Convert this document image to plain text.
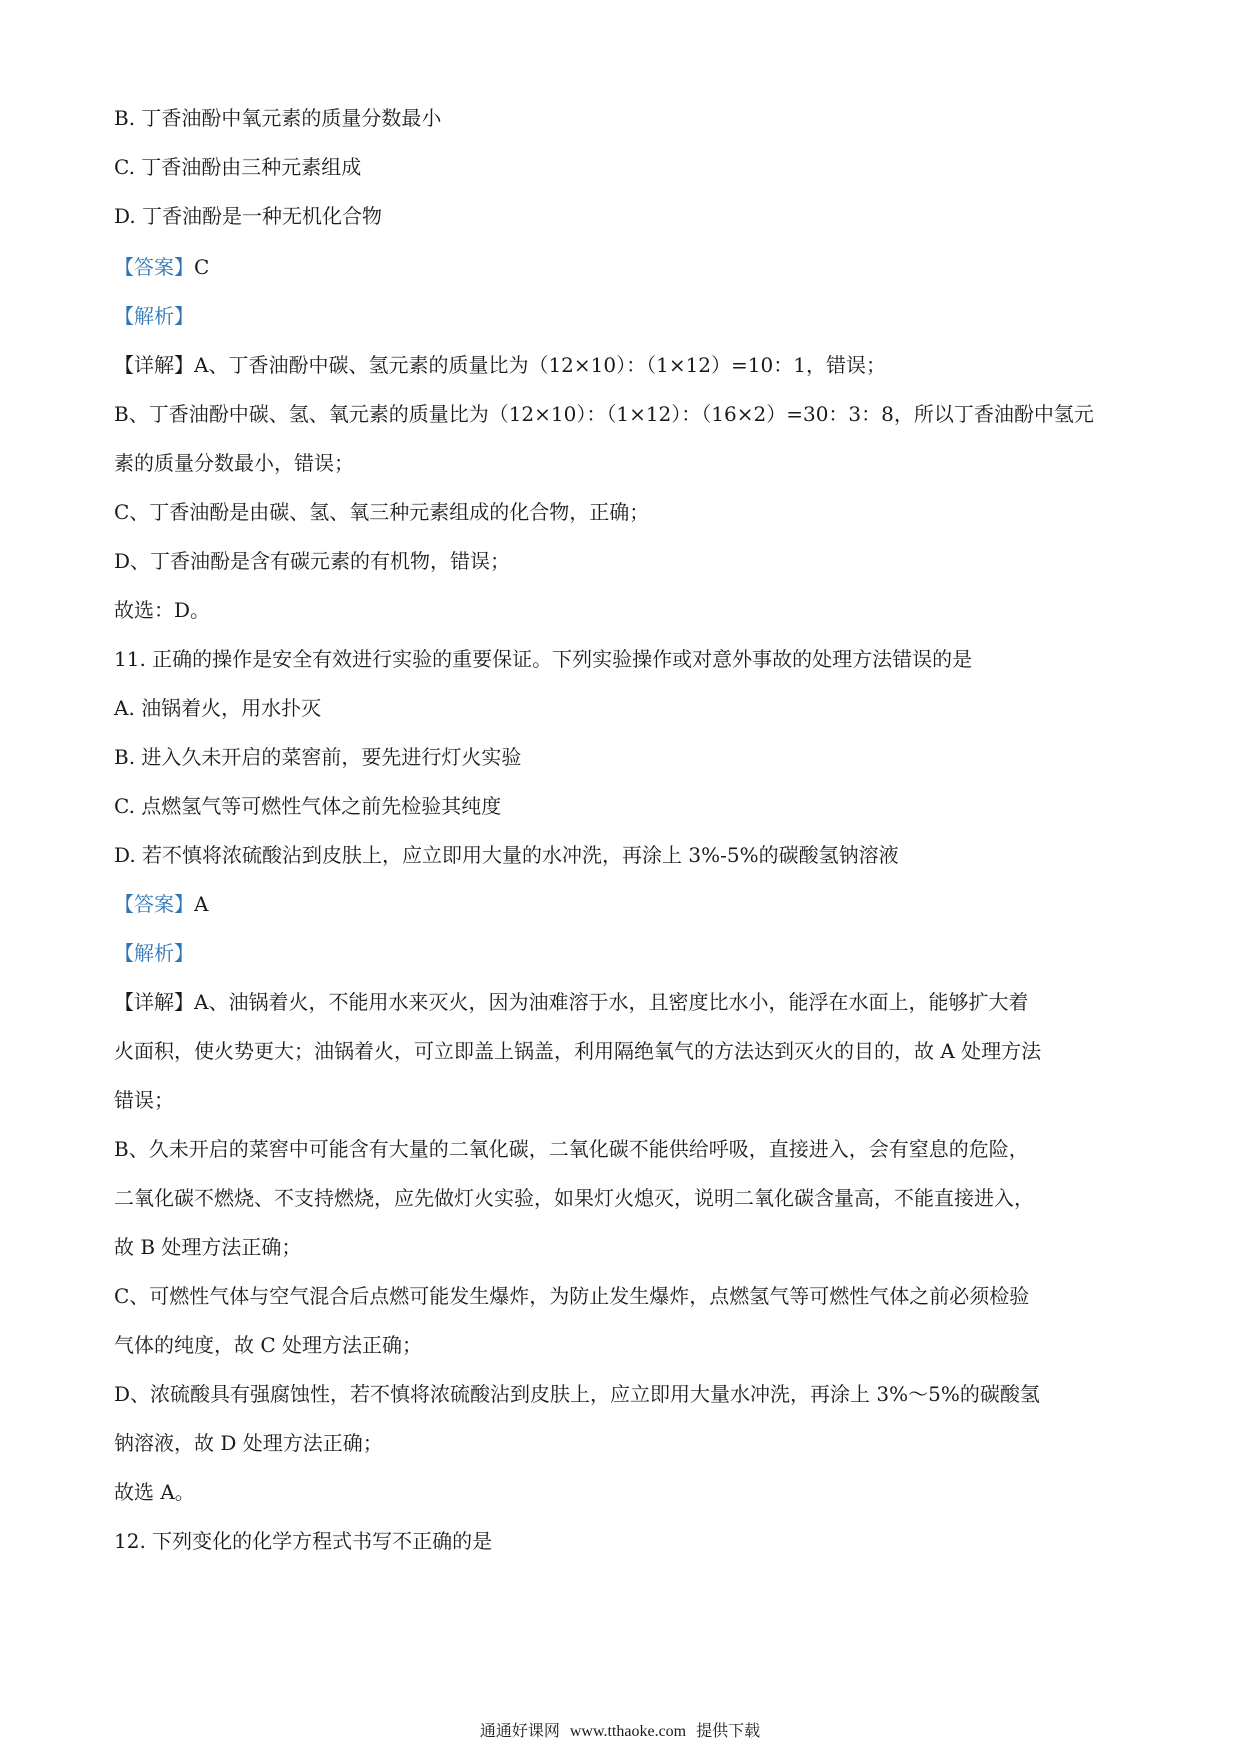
B. 丁香油酚中氧元素的质量分数最小
C. 丁香油酚由三种元素组成
D. 丁香油酚是一种无机化合物
【答案】C
【解析】
【详解】A、丁香油酚中碳、氢元素的质量比为（12×10）：（1×12）=10：1，错误；
B、丁香油酚中碳、氢、氧元素的质量比为（12×10）：（1×12）：（16×2）=30：3：8，所以丁香油酚中氢元
素的质量分数最小，错误；
C、丁香油酚是由碳、氢、氧三种元素组成的化合物，正确；
D、丁香油酚是含有碳元素的有机物，错误；
故选：D。
11. 正确的操作是安全有效进行实验的重要保证。下列实验操作或对意外事故的处理方法错误的是
A. 油锅着火，用水扑灭
B. 进入久未开启的菜窖前，要先进行灯火实验
C. 点燃氢气等可燃性气体之前先检验其纯度
D. 若不慎将浓硫酸沾到皮肤上，应立即用大量的水冲洗，再涂上 3%-5%的碳酸氢钠溶液
【答案】A
【解析】
【详解】A、油锅着火，不能用水来灭火，因为油难溶于水，且密度比水小，能浮在水面上，能够扩大着
火面积，使火势更大；油锅着火，可立即盖上锅盖，利用隔绝氧气的方法达到灭火的目的，故 A 处理方法
错误；
B、久未开启的菜窖中可能含有大量的二氧化碳，二氧化碳不能供给呼吸，直接进入，会有窒息的危险，
二氧化碳不燃烧、不支持燃烧，应先做灯火实验，如果灯火熄灭，说明二氧化碳含量高，不能直接进入，
故 B 处理方法正确；
C、可燃性气体与空气混合后点燃可能发生爆炸，为防止发生爆炸，点燃氢气等可燃性气体之前必须检验
气体的纯度，故 C 处理方法正确；
D、浓硫酸具有强腐蚀性，若不慎将浓硫酸沾到皮肤上，应立即用大量水冲洗，再涂上 3%～5%的碳酸氢
钠溶液，故 D 处理方法正确；
故选 A。
12. 下列变化的化学方程式书写不正确的是
通通好课网 www.tthaoke.com 提供下载
